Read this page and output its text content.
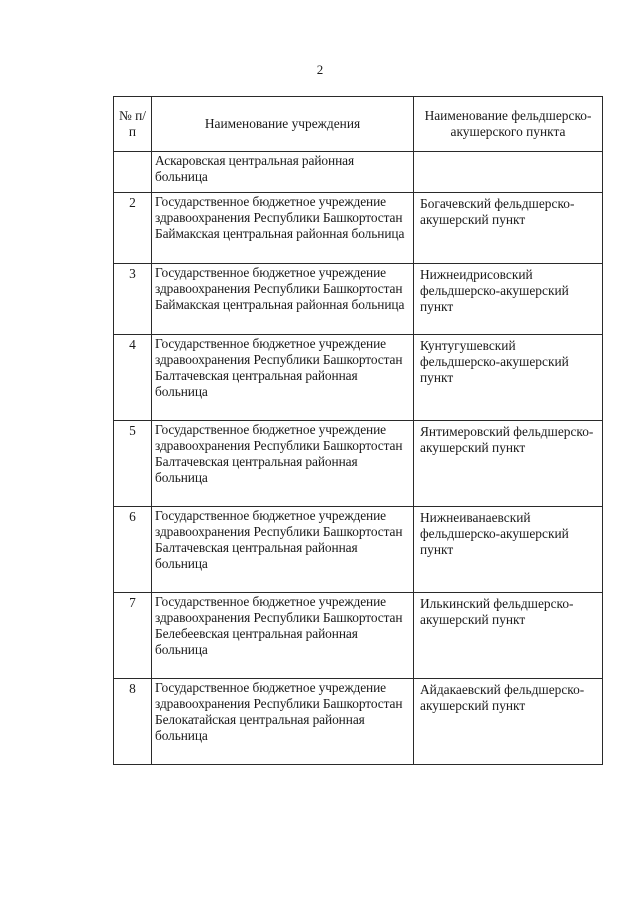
2
№ п/п	Наименование учреждения	Наименование фельдшерско-акушерского пункта
	Аскаровская центральная районная больница	
2	Государственное бюджетное учреждение здравоохранения Республики Башкортостан Баймакская центральная районная больница	Богачевский фельдшерско-акушерский пункт
3	Государственное бюджетное учреждение здравоохранения Республики Башкортостан Баймакская центральная районная больница	Нижнеидрисовский фельдшерско-акушерский пункт
4	Государственное бюджетное учреждение здравоохранения Республики Башкортостан Балтачевская центральная районная больница	Кунтугушевский фельдшерско-акушерский пункт
5	Государственное бюджетное учреждение здравоохранения Республики Башкортостан Балтачевская центральная районная больница	Янтимеровский фельдшерско-акушерский пункт
6	Государственное бюджетное учреждение здравоохранения Республики Башкортостан Балтачевская центральная районная больница	Нижнеиванаевский фельдшерско-акушерский пункт
7	Государственное бюджетное учреждение здравоохранения Республики Башкортостан Белебеевская центральная районная больница	Илькинский фельдшерско-акушерский пункт
8	Государственное бюджетное учреждение здравоохранения Республики Башкортостан Белокатайская центральная районная больница	Айдакаевский фельдшерско-акушерский пункт
